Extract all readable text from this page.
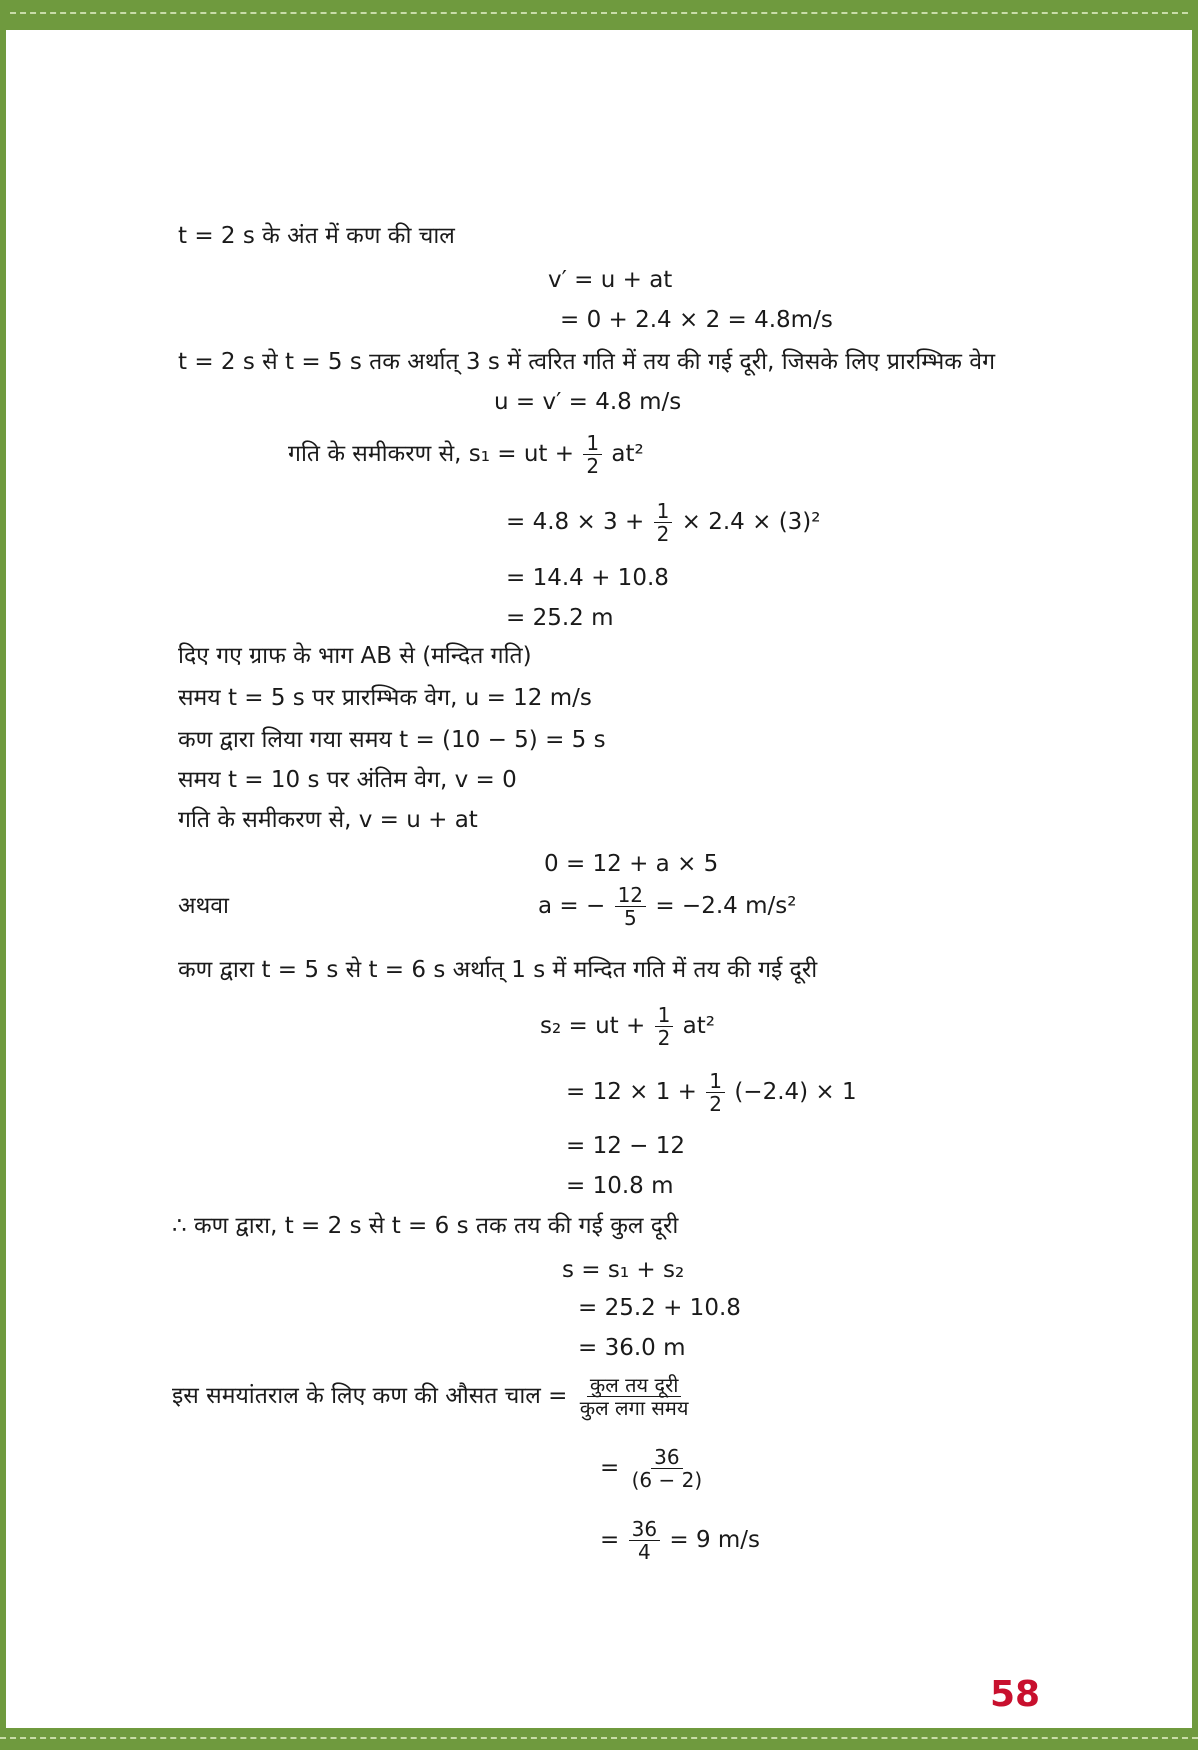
t = 2 s के अंत में कण की चाल
v′ = u + at
= 0 + 2.4 × 2 = 4.8m/s
t = 2 s से t = 5 s तक अर्थात् 3 s में त्वरित गति में तय की गई दूरी, जिसके लिए प्रारम्भिक वेग
u = v′ = 4.8 m/s
गति के समीकरण से, s₁ = ut + $\frac{1}{2} at^2$
= $4.8 \times 3 + \frac{1}{2} \times 2.4 \times (3)^2$
= 14.4 + 10.8
= 25.2 m
दिए गए ग्राफ के भाग AB से (मन्दित गति)
समय t = 5 s पर प्रारम्भिक वेग, u = 12 m/s
कण द्वारा लिया गया समय t = (10 − 5) = 5 s
समय t = 10 s पर अंतिम वेग, v = 0
गति के समीकरण से, v = u + at
0 = 12 + a × 5
अथवा	a = − $\frac{12}{5} = -2.4$ m/s²
कण द्वारा t = 5 s से t = 6 s अर्थात् 1 s में मन्दित गति में तय की गई दूरी
s₂ = ut + $\frac{1}{2} at^2$
= $12 \times 1 + \frac{1}{2} (-2.4) \times 1$
= 12 − 12
= 10.8 m
∴ कण द्वारा, t = 2 s से t = 6 s तक तय की गई कुल दूरी
s = s₁ + s₂
= 25.2 + 10.8
= 36.0 m
इस समयांतराल के लिए कण की औसत चाल = $\frac{\text{कुल तय दूरी}}{\text{कुल लगा समय}}$
= $\frac{36}{(6 - 2)}$
= $\frac{36}{4} = 9$ m/s
58
